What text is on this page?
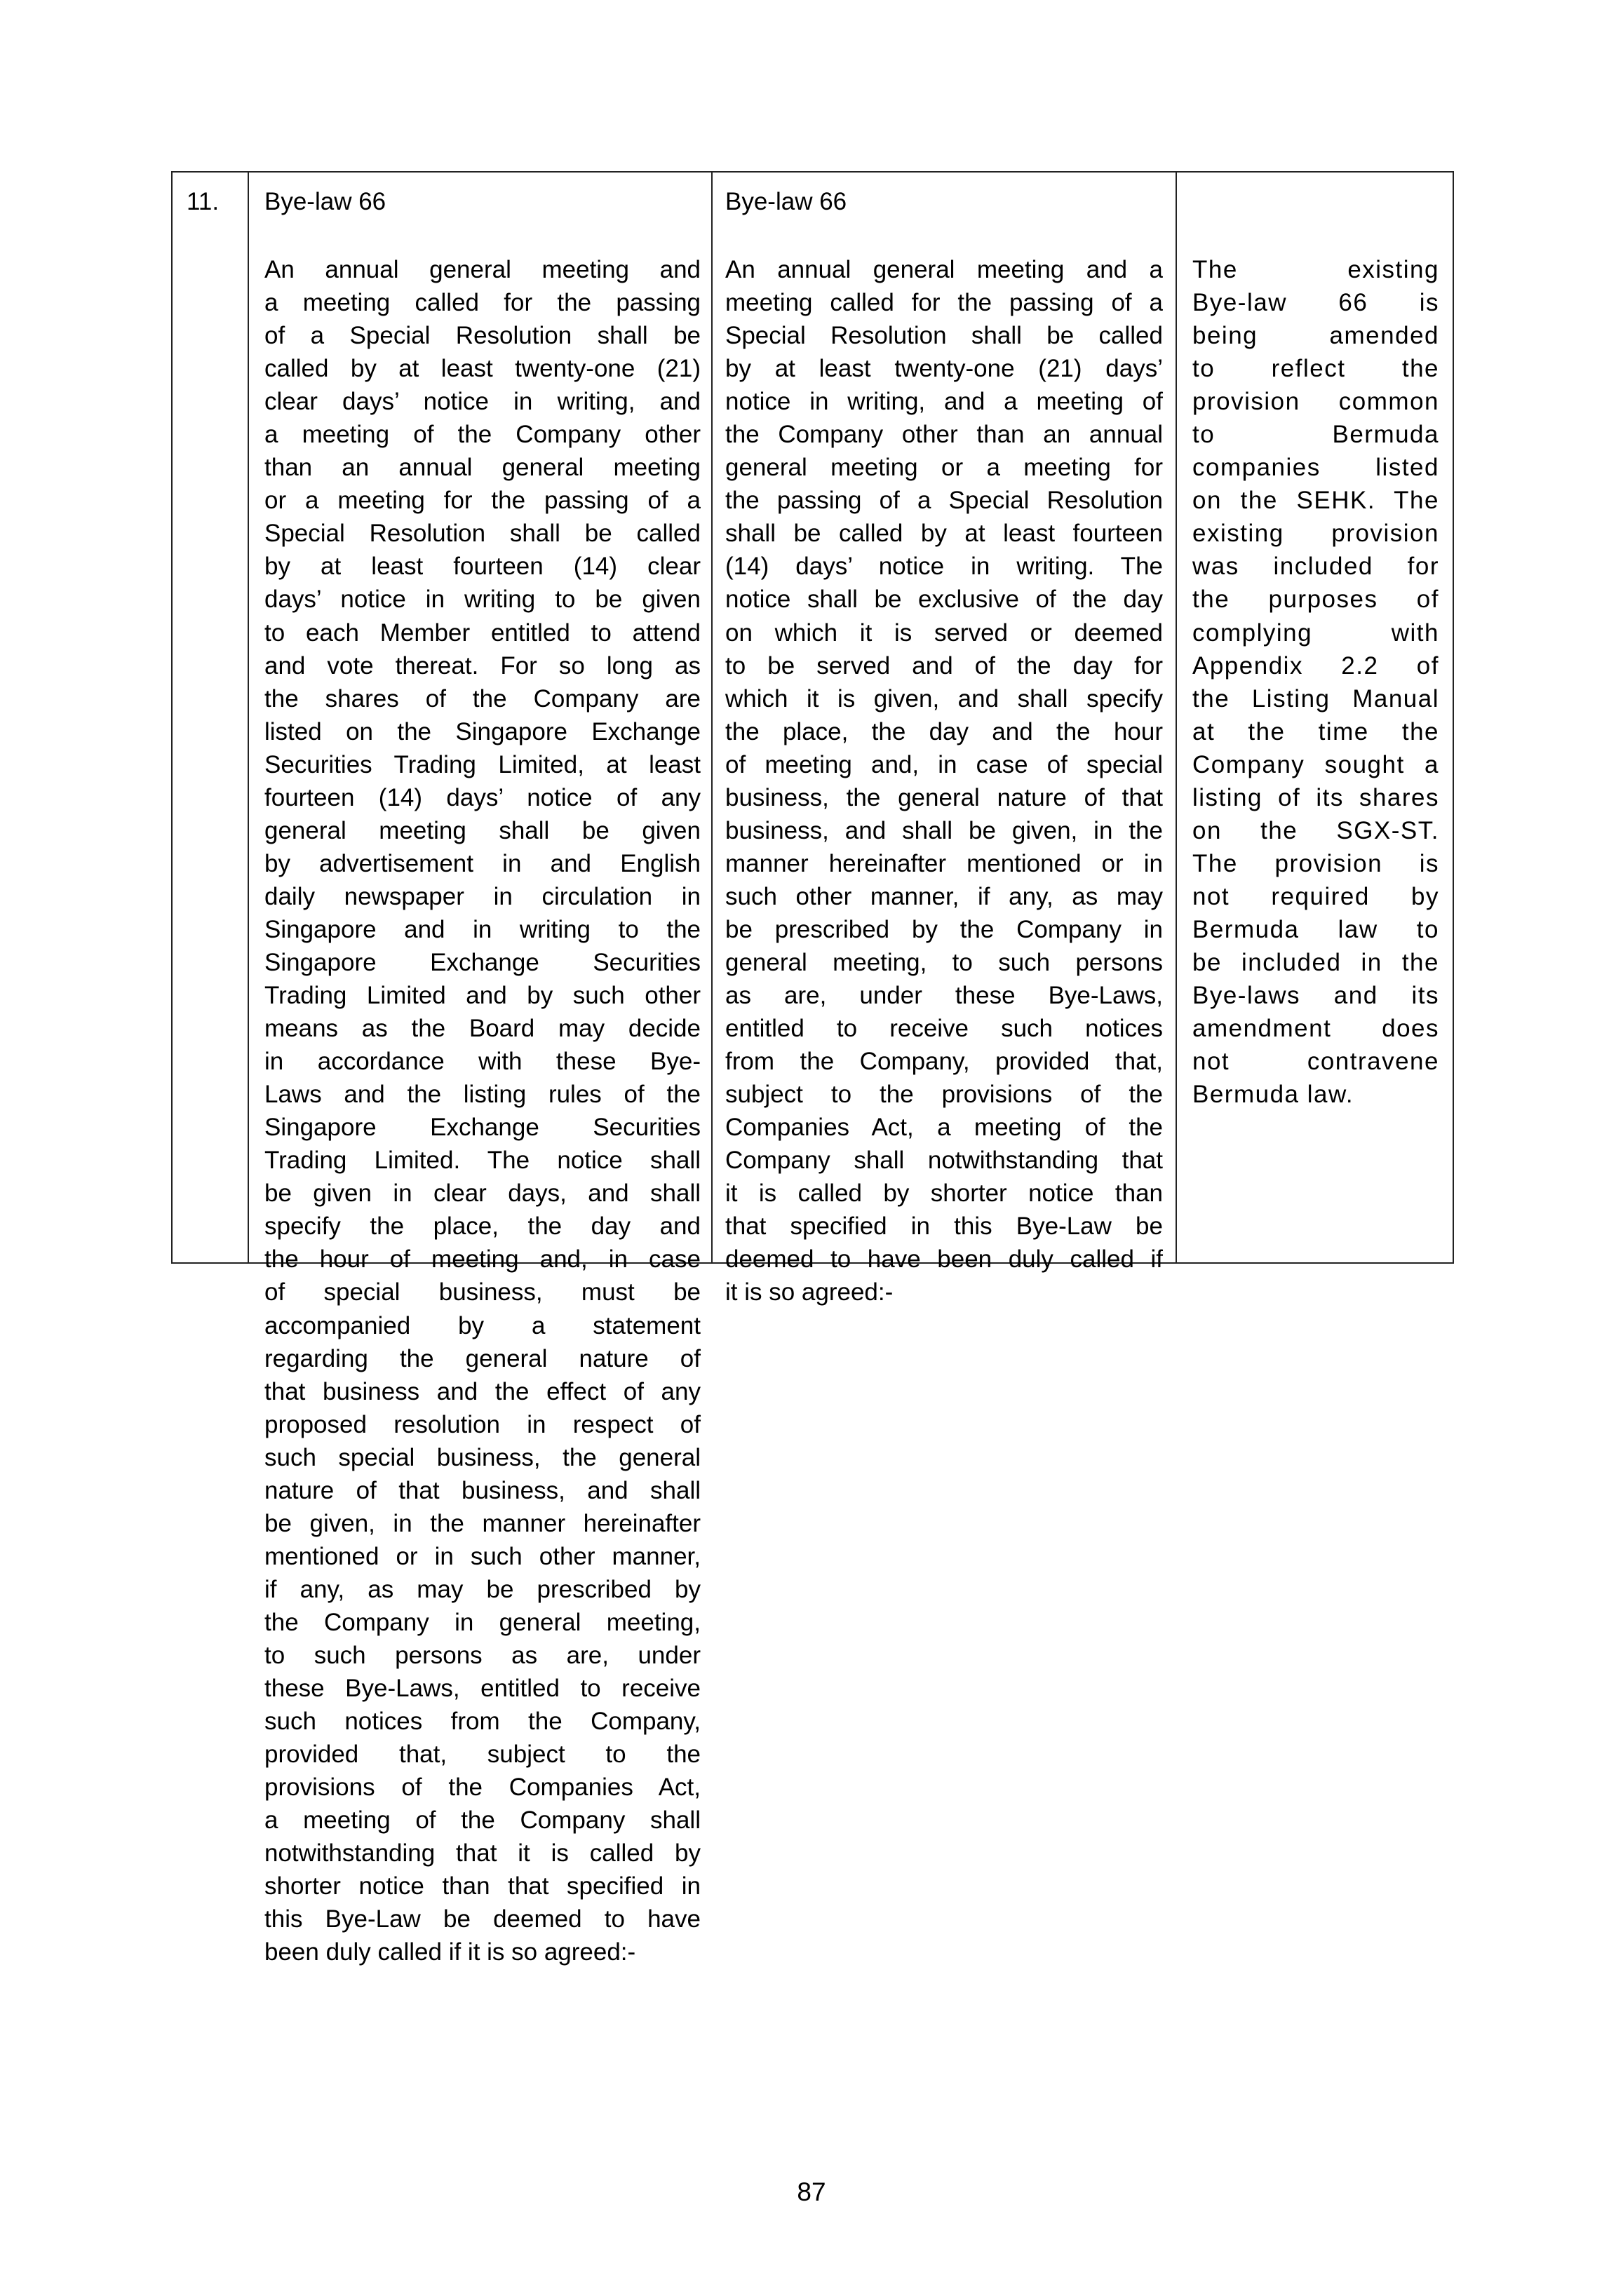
11. Bye-law 66	Bye-law 66
An annual general meeting and
a meeting called for the passing
of a Special Resolution shall be
called by at least twenty-one (21)
clear days’ notice in writing, and
a meeting of the Company other
than an annual general meeting
or a meeting for the passing of a
Special Resolution shall be called
by at least fourteen (14) clear
days’ notice in writing to be given
to each Member entitled to attend
and vote thereat. For so long as
the shares of the Company are
listed on the Singapore Exchange
Securities Trading Limited, at least
fourteen (14) days’ notice of any
general meeting shall be given
by advertisement in and English
daily newspaper in circulation in
Singapore and in writing to the
Singapore Exchange Securities
Trading Limited and by such other
means as the Board may decide
in accordance with these Bye-
Laws and the listing rules of the
Singapore Exchange Securities
Trading Limited. The notice shall
be given in clear days, and shall
specify the place, the day and
the hour of meeting and, in case
of special business, must be
accompanied by a statement
regarding the general nature of
that business and the effect of any
proposed resolution in respect of
such special business, the general
nature of that business, and shall
be given, in the manner hereinafter
mentioned or in such other manner,
if any, as may be prescribed by
the Company in general meeting,
to such persons as are, under
these Bye-Laws, entitled to receive
such notices from the Company,
provided that, subject to the
provisions of the Companies Act,
a meeting of the Company shall
notwithstanding that it is called by
shorter notice than that specified in
this Bye-Law be deemed to have
been duly called if it is so agreed:-
An annual general meeting and a
meeting called for the passing of a
Special Resolution shall be called
by at least twenty-one (21) days’
notice in writing, and a meeting of
the Company other than an annual
general meeting or a meeting for
the passing of a Special Resolution
shall be called by at least fourteen
(14) days’ notice in writing. The
notice shall be exclusive of the day
on which it is served or deemed
to be served and of the day for
which it is given, and shall specify
the place, the day and the hour
of meeting and, in case of special
business, the general nature of that
business, and shall be given, in the
manner hereinafter mentioned or in
such other manner, if any, as may
be prescribed by the Company in
general meeting, to such persons
as are, under these Bye-Laws,
entitled to receive such notices
from the Company, provided that,
subject to the provisions of the
Companies Act, a meeting of the
Company shall notwithstanding that
it is called by shorter notice than
that specified in this Bye-Law be
deemed to have been duly called if
it is so agreed:-
The existing
Bye-law 66 is
being amended
to reflect the
provision common
to Bermuda
companies listed
on the SEHK. The
existing provision
was included for
the purposes of
complying with
Appendix 2.2 of
the Listing Manual
at the time the
Company sought a
listing of its shares
on the SGX-ST.
The provision is
not required by
Bermuda law to
be included in the
Bye-laws and its
amendment does
not contravene
Bermuda law.
87
